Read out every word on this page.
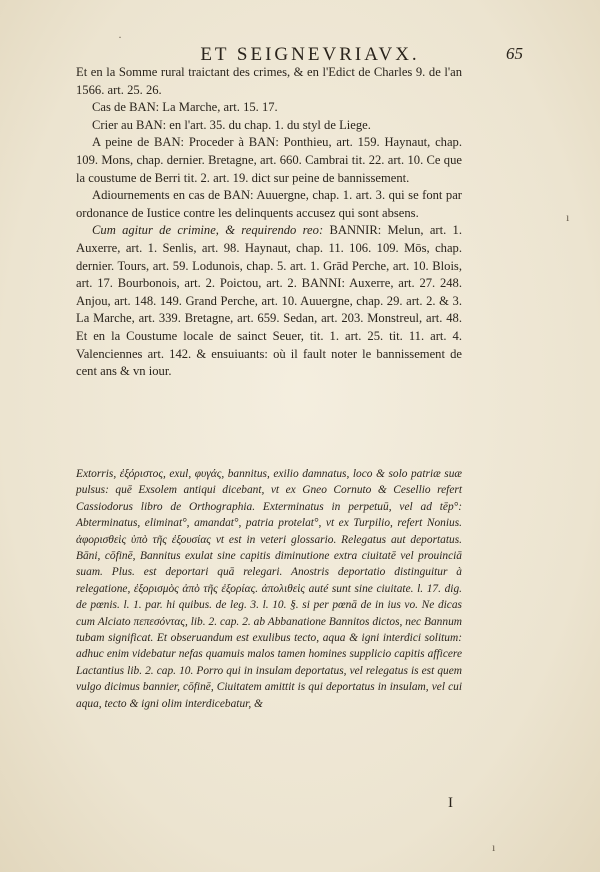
ET SEIGNEVRIAVX.	65

Et en la Somme rural traictant des crimes, & en l'Edict de Charles 9. de l'an 1566. art. 25. 26.

Cas de BAN: La Marche, art. 15. 17.

Crier au BAN: en l'art. 35. du chap. 1. du styl de Liege.

A peine de BAN: Proceder à BAN: Ponthieu, art. 159. Haynaut, chap. 109. Mons, chap. dernier. Bretagne, art. 660. Cambrai tit. 22. art. 10. Ce que la coustume de Berri tit. 2. art. 19. dict sur peine de bannissement.

Adiournements en cas de BAN: Auuergne, chap. 1. art. 3. qui se font par ordonance de Iustice contre les delinquents accusez qui sont absens.

Cum agitur de crimine, & requirendo reo: BANNIR: Melun, art. 1. Auxerre, art. 1. Senlis, art. 98. Haynaut, chap. 11. 106. 109. Mōs, chap. dernier. Tours, art. 59. Lodunois, chap. 5. art. 1. Grād Perche, art. 10. Blois, art. 17. Bourbonois, art. 2. Poictou, art. 2. BANNI: Auxerre, art. 27. 248. Anjou, art. 148. 149. Grand Perche, art. 10. Auuergne, chap. 29. art. 2. & 3. La Marche, art. 339. Bretagne, art. 659. Sedan, art. 203. Monstreul, art. 48. Et en la Coustume locale de sainct Seuer, tit. 1. art. 25. tit. 11. art. 4. Valenciennes art. 142. & ensuiuants: où il fault noter le bannissement de cent ans & vn iour.

Extorris, ἐξόριστος, exul, φυγάς, bannitus, exilio damnatus, loco & solo patriæ suæ pulsus: quē Exsolem antiqui dicebant, vt ex Gneo Cornuto & Cesellio refert Cassiodorus libro de Orthographia. Exterminatus in perpetuū, vel ad tēp°: Abterminatus, eliminat°, amandat°, patria protelat°, vt ex Turpilio, refert Nonius. ἀφορισθεὶς ὑπὸ τῆς ἐξουσίας vt est in veteri glossario. Relegatus aut deportatus. Bāni, cōfinē, Bannitus exulat sine capitis diminutione extra ciuitatē vel prouinciā suam. Plus. est deportari quā relegari. Anostris deportatio distinguitur à relegatione, ἐξορισμὸς ἀπὸ τῆς ἐξορίας. ἀπολιθεὶς auté sunt sine ciuitate. l. 17. dig. de pœnis. l. 1. par. hi quibus. de leg. 3. l. 10. §. si per pœnā de in ius vo. Ne dicas cum Alciato πεπεσόντας, lib. 2. cap. 2. ab Abbanatione Bannitos dictos, nec Bannum tubam significat. Et obseruandum est exulibus tecto, aqua & igni interdici solitum: adhuc enim videbatur nefas quamuis malos tamen homines supplicio capitis afficere Lactantius lib. 2. cap. 10. Porro qui in insulam deportatus, vel relegatus is est quem vulgo dicimus bannier, cōfinē, Ciuitatem amittit is qui deportatus in insulam, vel cui aqua, tecto & igni olim interdicebatur, &
I
·
ı
ı
